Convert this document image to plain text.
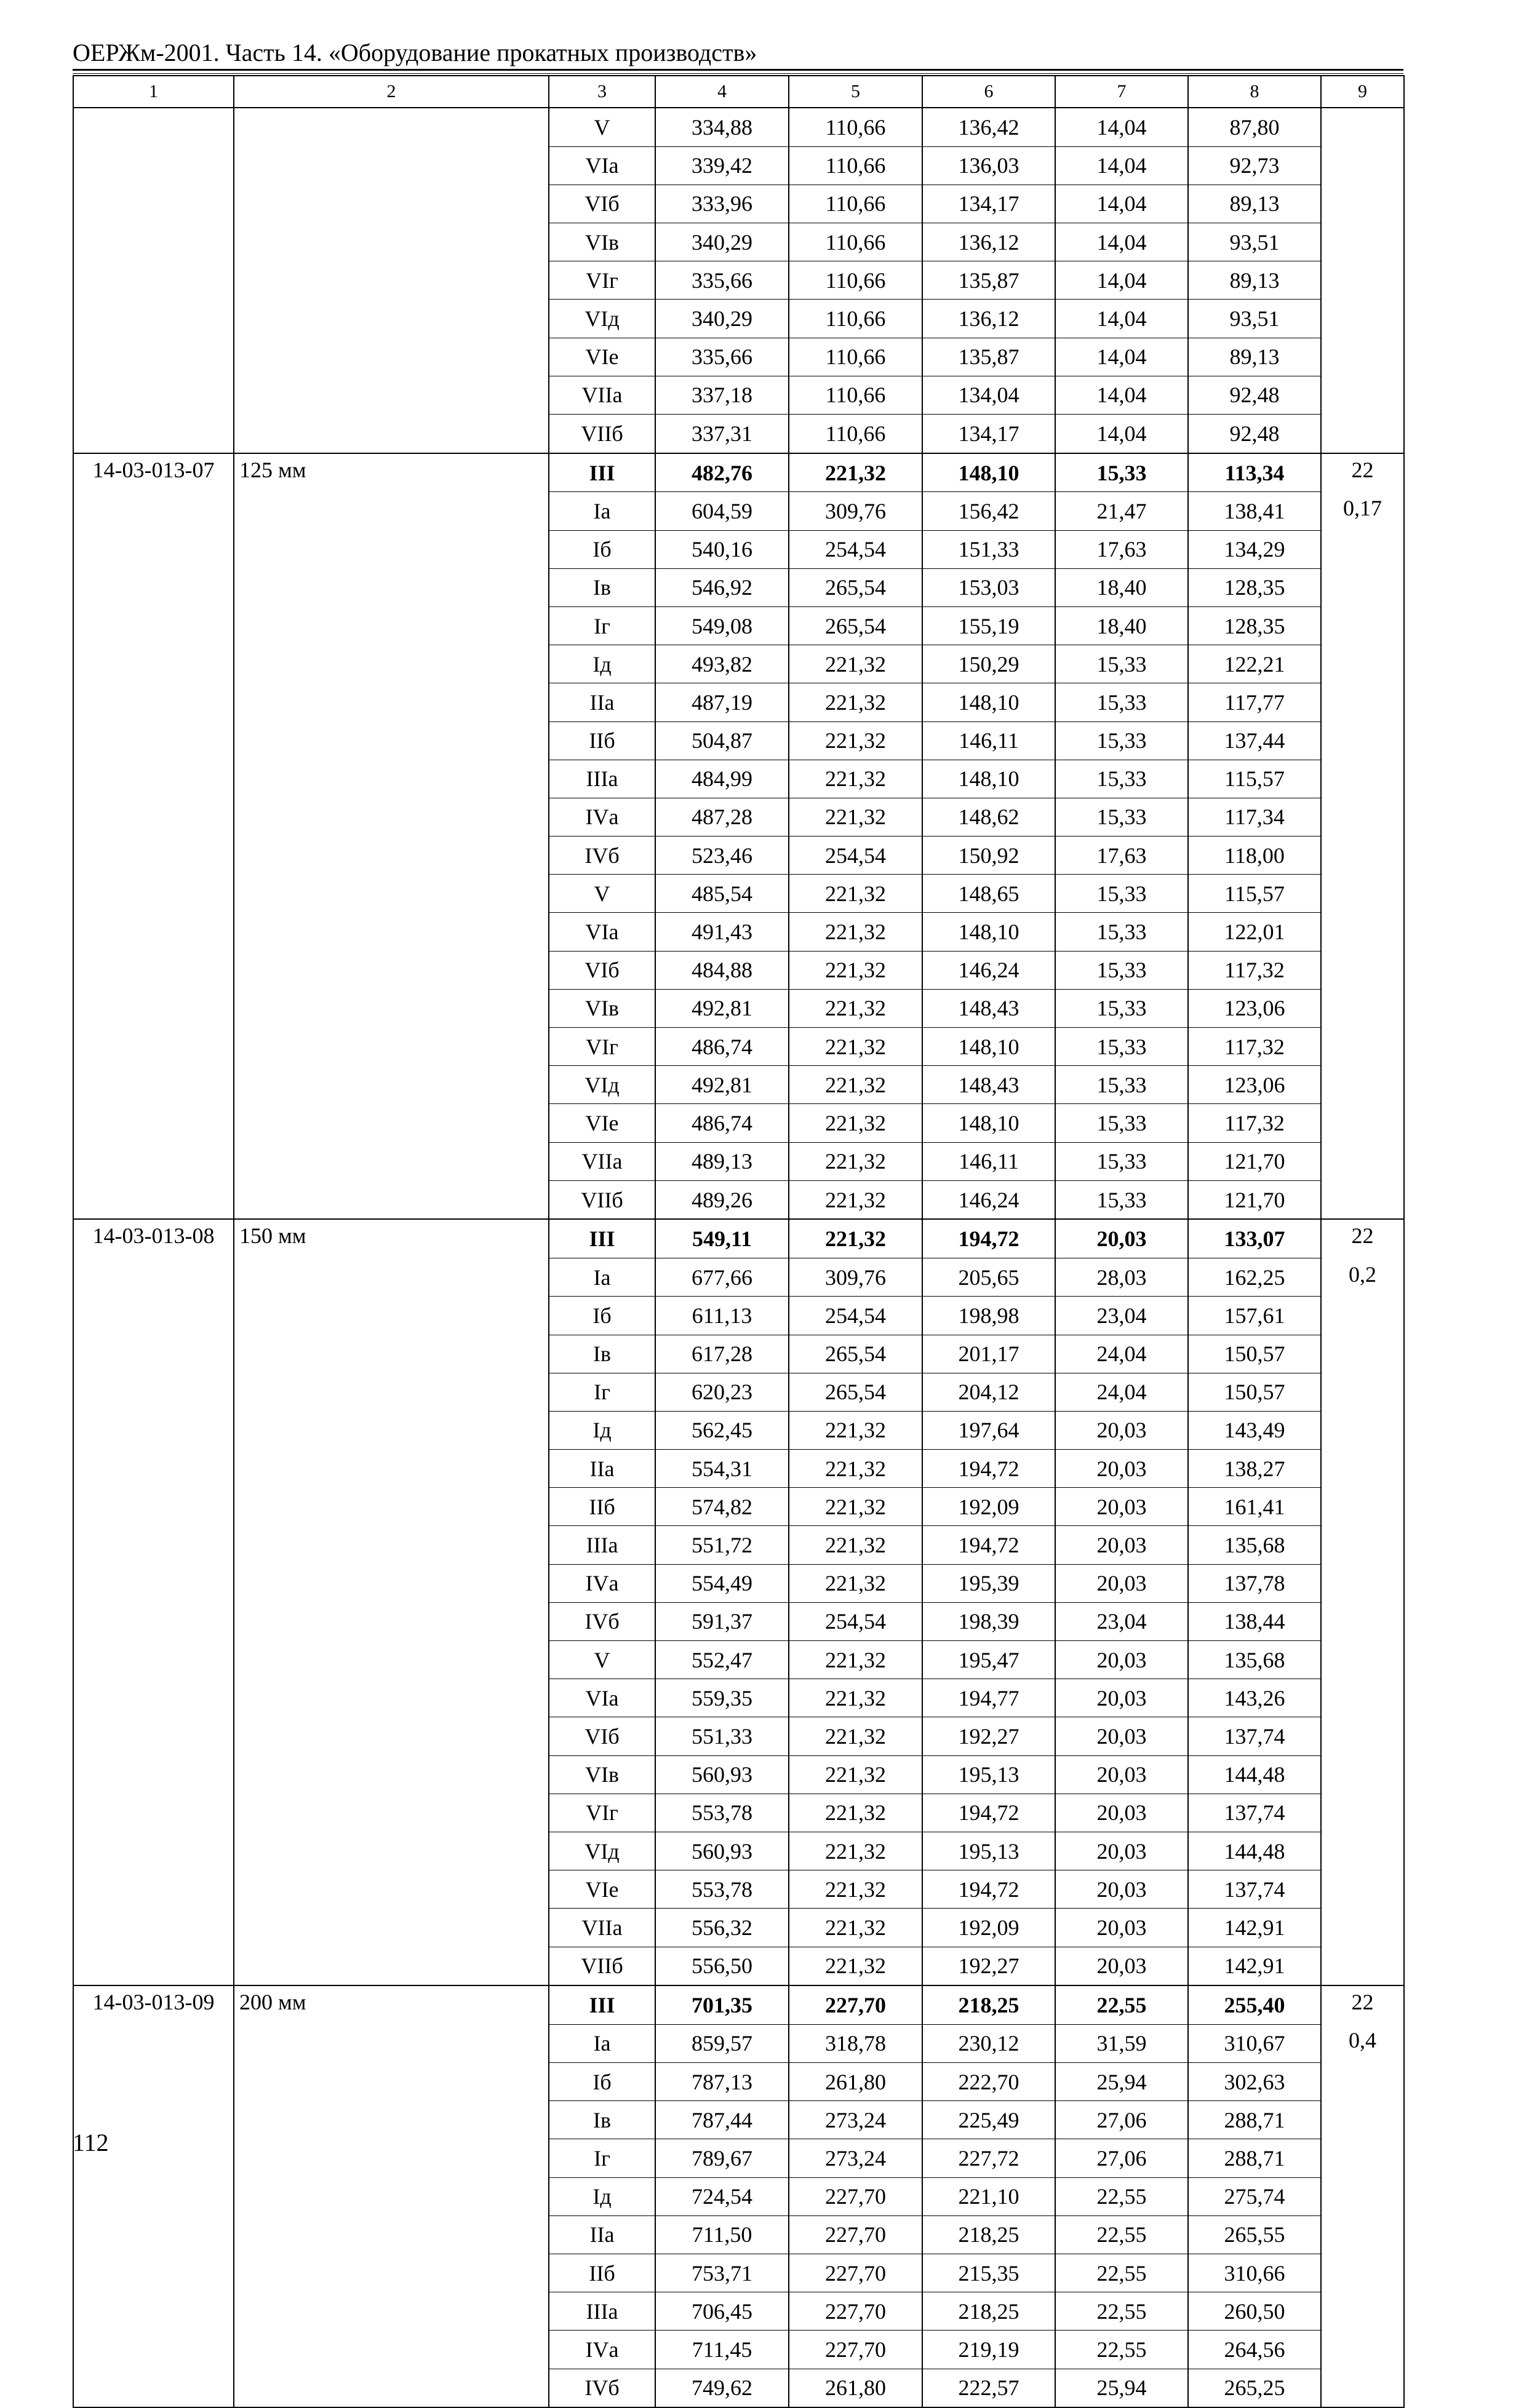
ОЕРЖм-2001. Часть 14. «Оборудование прокатных производств»
1	2	3	4	5	6	7	8	9
		V	334,88	110,66	136,42	14,04	87,80	
		VIа	339,42	110,66	136,03	14,04	92,73	
		VIб	333,96	110,66	134,17	14,04	89,13	
		VIв	340,29	110,66	136,12	14,04	93,51	
		VIг	335,66	110,66	135,87	14,04	89,13	
		VIд	340,29	110,66	136,12	14,04	93,51	
		VIе	335,66	110,66	135,87	14,04	89,13	
		VIIа	337,18	110,66	134,04	14,04	92,48	
		VIIб	337,31	110,66	134,17	14,04	92,48	
14-03-013-07	125 мм	III	482,76	221,32	148,10	15,33	113,34	22
		Iа	604,59	309,76	156,42	21,47	138,41	0,17
		Iб	540,16	254,54	151,33	17,63	134,29	
		Iв	546,92	265,54	153,03	18,40	128,35	
		Iг	549,08	265,54	155,19	18,40	128,35	
		Iд	493,82	221,32	150,29	15,33	122,21	
		IIа	487,19	221,32	148,10	15,33	117,77	
		IIб	504,87	221,32	146,11	15,33	137,44	
		IIIа	484,99	221,32	148,10	15,33	115,57	
		IVа	487,28	221,32	148,62	15,33	117,34	
		IVб	523,46	254,54	150,92	17,63	118,00	
		V	485,54	221,32	148,65	15,33	115,57	
		VIа	491,43	221,32	148,10	15,33	122,01	
		VIб	484,88	221,32	146,24	15,33	117,32	
		VIв	492,81	221,32	148,43	15,33	123,06	
		VIг	486,74	221,32	148,10	15,33	117,32	
		VIд	492,81	221,32	148,43	15,33	123,06	
		VIе	486,74	221,32	148,10	15,33	117,32	
		VIIа	489,13	221,32	146,11	15,33	121,70	
		VIIб	489,26	221,32	146,24	15,33	121,70	
14-03-013-08	150 мм	III	549,11	221,32	194,72	20,03	133,07	22
		Iа	677,66	309,76	205,65	28,03	162,25	0,2
		Iб	611,13	254,54	198,98	23,04	157,61	
		Iв	617,28	265,54	201,17	24,04	150,57	
		Iг	620,23	265,54	204,12	24,04	150,57	
		Iд	562,45	221,32	197,64	20,03	143,49	
		IIа	554,31	221,32	194,72	20,03	138,27	
		IIб	574,82	221,32	192,09	20,03	161,41	
		IIIа	551,72	221,32	194,72	20,03	135,68	
		IVа	554,49	221,32	195,39	20,03	137,78	
		IVб	591,37	254,54	198,39	23,04	138,44	
		V	552,47	221,32	195,47	20,03	135,68	
		VIа	559,35	221,32	194,77	20,03	143,26	
		VIб	551,33	221,32	192,27	20,03	137,74	
		VIв	560,93	221,32	195,13	20,03	144,48	
		VIг	553,78	221,32	194,72	20,03	137,74	
		VIд	560,93	221,32	195,13	20,03	144,48	
		VIе	553,78	221,32	194,72	20,03	137,74	
		VIIа	556,32	221,32	192,09	20,03	142,91	
		VIIб	556,50	221,32	192,27	20,03	142,91	
14-03-013-09	200 мм	III	701,35	227,70	218,25	22,55	255,40	22
		Iа	859,57	318,78	230,12	31,59	310,67	0,4
		Iб	787,13	261,80	222,70	25,94	302,63	
		Iв	787,44	273,24	225,49	27,06	288,71	
		Iг	789,67	273,24	227,72	27,06	288,71	
		Iд	724,54	227,70	221,10	22,55	275,74	
		IIа	711,50	227,70	218,25	22,55	265,55	
		IIб	753,71	227,70	215,35	22,55	310,66	
		IIIа	706,45	227,70	218,25	22,55	260,50	
		IVа	711,45	227,70	219,19	22,55	264,56	
		IVб	749,62	261,80	222,57	25,94	265,25	
112
